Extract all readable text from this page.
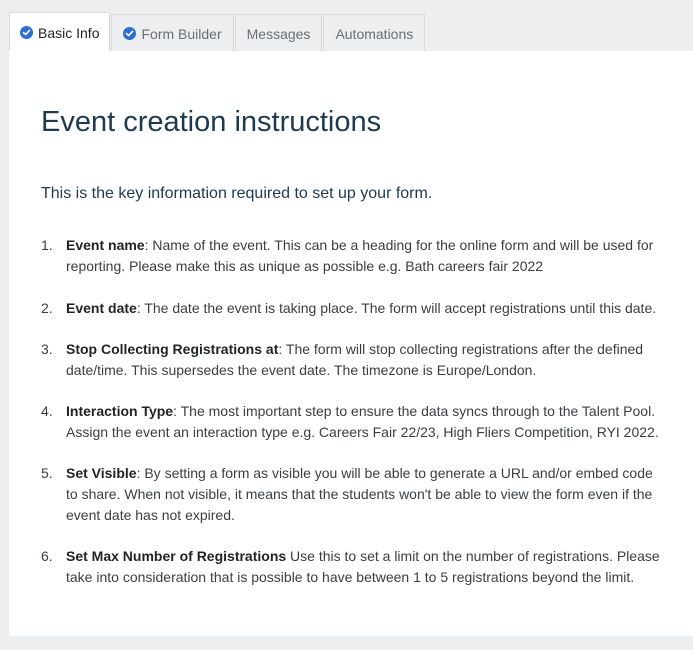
Basic Info	Form Builder Messages Automations
Event creation instructions

This is the key information required to set up your form.

1. Event name: Name of the event. This can be a heading for the online form and will be used for reporting. Please make this as unique as possible e.g. Bath careers fair 2022
2. Event date: The date the event is taking place. The form will accept registrations until this date.
3. Stop Collecting Registrations at: The form will stop collecting registrations after the defined date/time. This supersedes the event date. The timezone is Europe/London.
4. Interaction Type: The most important step to ensure the data syncs through to the Talent Pool. Assign the event an interaction type e.g. Careers Fair 22/23, High Fliers Competition, RYI 2022.
5. Set Visible: By setting a form as visible you will be able to generate a URL and/or embed code to share. When not visible, it means that the students won't be able to view the form even if the event date has not expired.
6. Set Max Number of Registrations Use this to set a limit on the number of registrations. Please take into consideration that is possible to have between 1 to 5 registrations beyond the limit.
